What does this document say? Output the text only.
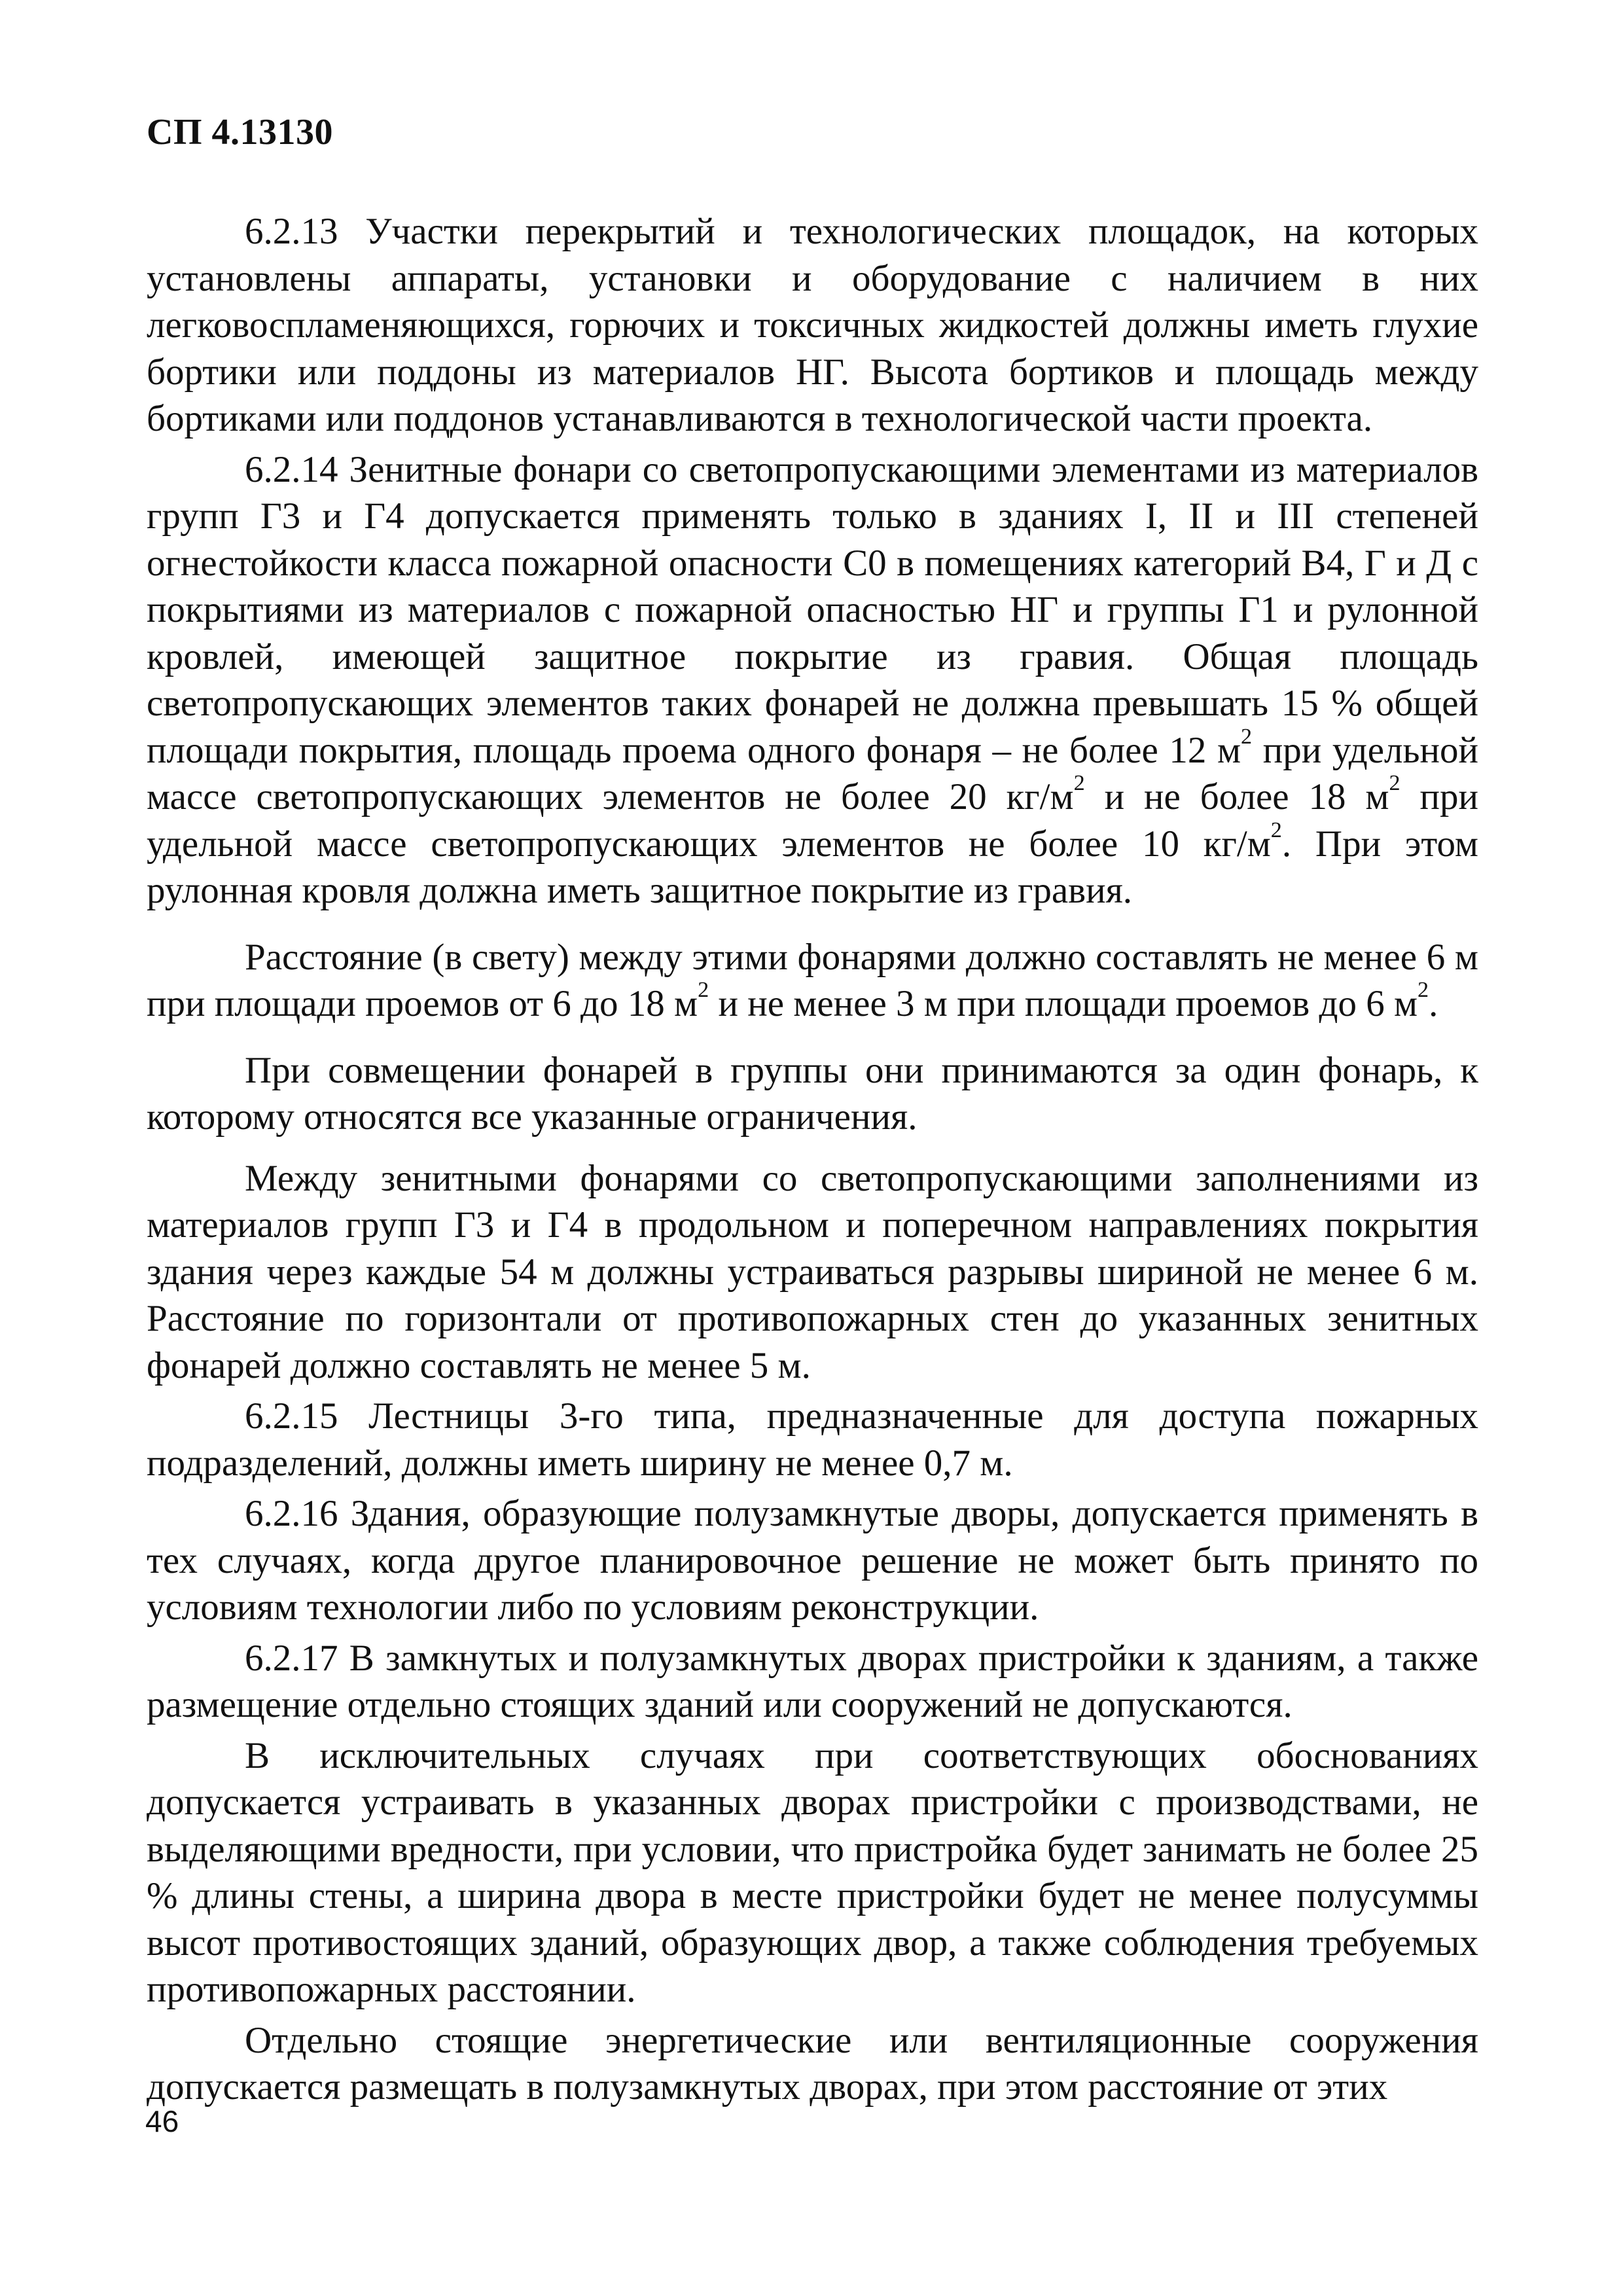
СП 4.13130

6.2.13 Участки перекрытий и технологических площадок, на которых установлены аппараты, установки и оборудование с наличием в них легковоспламеняющихся, горючих и токсичных жидкостей должны иметь глухие бортики или поддоны из материалов НГ. Высота бортиков и площадь между бортиками или поддонов устанавливаются в технологической части проекта.

6.2.14 Зенитные фонари со светопропускающими элементами из материалов групп Г3 и Г4 допускается применять только в зданиях I, II и III степеней огнестойкости класса пожарной опасности С0 в помещениях категорий В4, Г и Д с покрытиями из материалов с пожарной опасностью НГ и группы Г1 и рулонной кровлей, имеющей защитное покрытие из гравия. Общая площадь светопропускающих элементов таких фонарей не должна превышать 15 % общей площади покрытия, площадь проема одного фонаря – не более 12 $м^2$ при удельной массе светопропускающих элементов не более 20 $кг/м^2$ и не более 18 $м^2$ при удельной массе светопропускающих элементов не более 10 $кг/м^2$. При этом рулонная кровля должна иметь защитное покрытие из гравия.

Расстояние (в свету) между этими фонарями должно составлять не менее 6 м при площади проемов от 6 до 18 $м^2$ и не менее 3 м при площади проемов до 6 $м^2$.

При совмещении фонарей в группы они принимаются за один фонарь, к которому относятся все указанные ограничения.

Между зенитными фонарями со светопропускающими заполнениями из материалов групп Г3 и Г4 в продольном и поперечном направлениях покрытия здания через каждые 54 м должны устраиваться разрывы шириной не менее 6 м. Расстояние по горизонтали от противопожарных стен до указанных зенитных фонарей должно составлять не менее 5 м.

6.2.15 Лестницы 3-го типа, предназначенные для доступа пожарных подразделений, должны иметь ширину не менее 0,7 м.

6.2.16 Здания, образующие полузамкнутые дворы, допускается применять в тех случаях, когда другое планировочное решение не может быть принято по условиям технологии либо по условиям реконструкции.

6.2.17 В замкнутых и полузамкнутых дворах пристройки к зданиям, а также размещение отдельно стоящих зданий или сооружений не допускаются.

В исключительных случаях при соответствующих обоснованиях допускается устраивать в указанных дворах пристройки с производствами, не выделяющими вредности, при условии, что пристройка будет занимать не более 25 % длины стены, а ширина двора в месте пристройки будет не менее полусуммы высот противостоящих зданий, образующих двор, а также соблюдения требуемых противопожарных расстоянии.

Отдельно стоящие энергетические или вентиляционные сооружения допускается размещать в полузамкнутых дворах, при этом расстояние от этих

46
